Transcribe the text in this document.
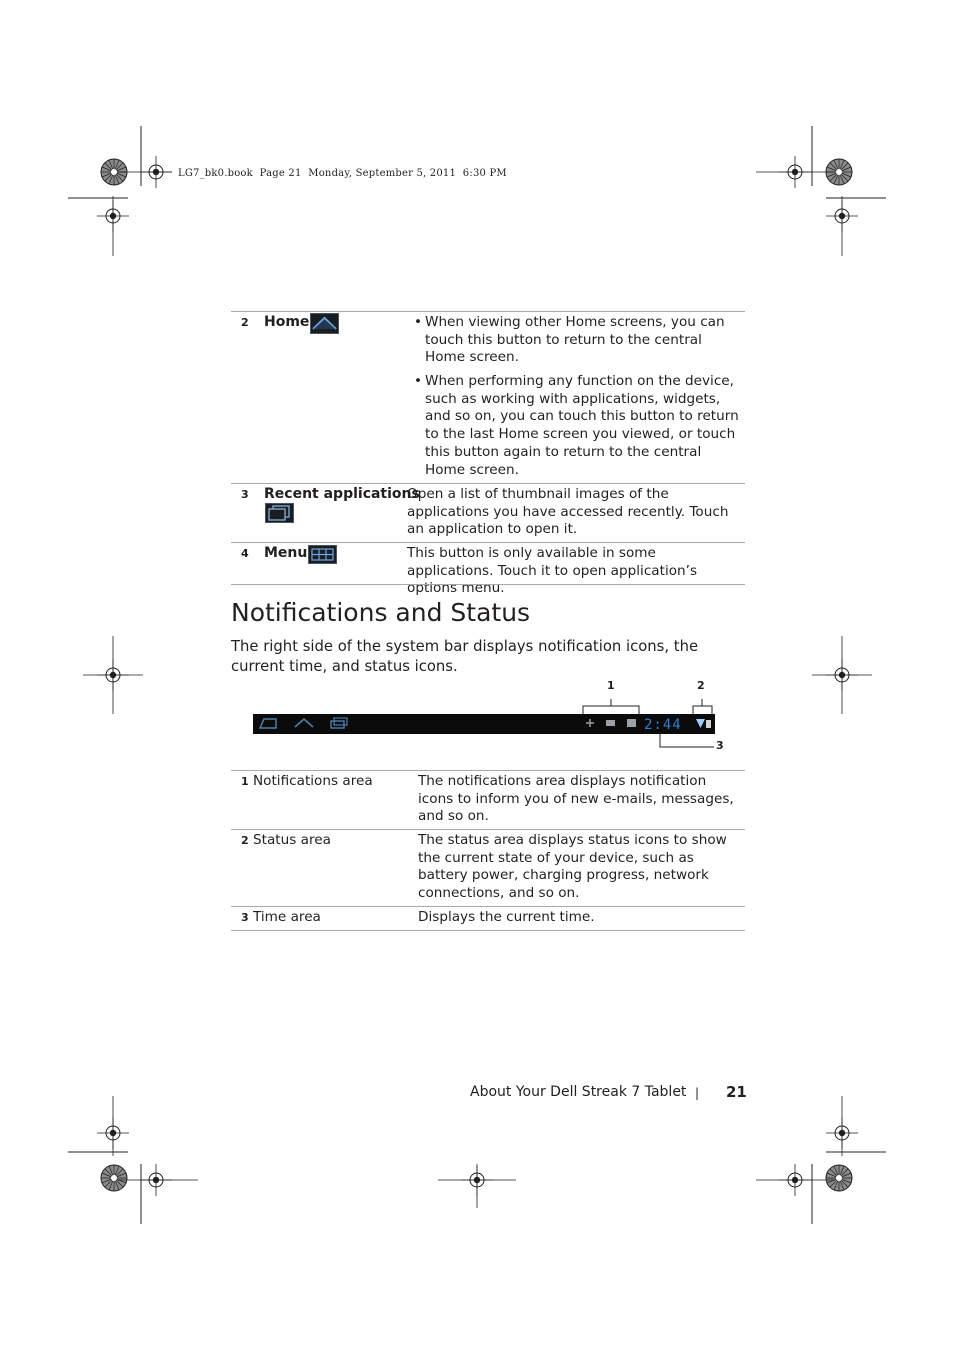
LG7_bk0.book  Page 21  Monday, September 5, 2011  6:30 PM
2 Home	• When viewing other Home screens, you can touch this button to return to the central Home screen.
• When performing any function on the device, such as working with applications, widgets, and so on, you can touch this button to return to the last Home screen you viewed, or touch this button again to return to the central Home screen.
3 Recent applications
Open a list of thumbnail images of the applications you have accessed recently. Touch an application to open it.
4 Menu	This button is only available in some applications. Touch it to open application’s options menu.
Notifications and Status
The right side of the system bar displays notification icons, the current time, and status icons.
1	2
3
2:44
1 Notifications area	The notifications area displays notification icons to inform you of new e-mails, messages, and so on.
2 Status area	The status area displays status icons to show the current state of your device, such as battery power, charging progress, network connections, and so on.
3 Time area	Displays the current time.
About Your Dell Streak 7 Tablet | 21
